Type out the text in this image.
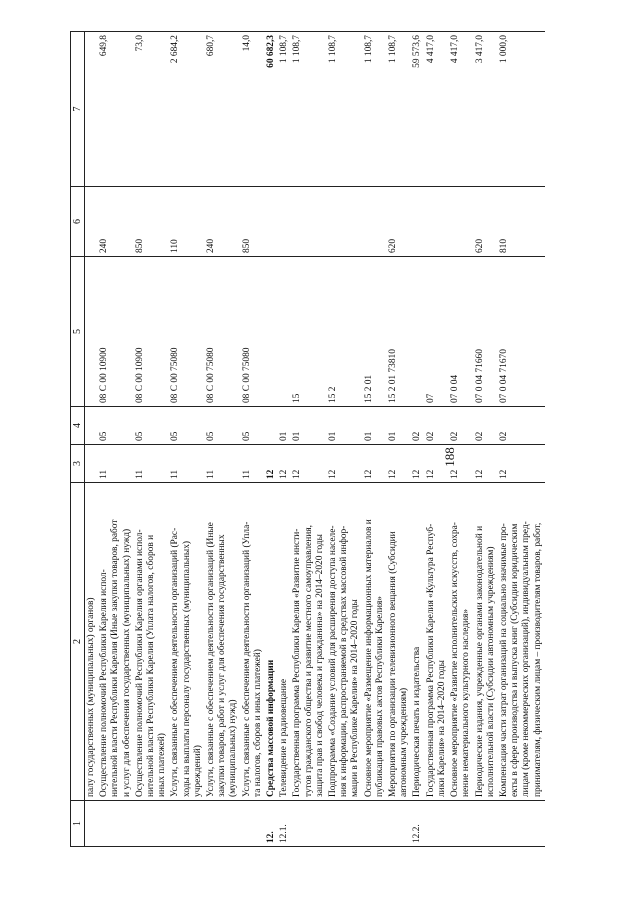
188
1	2	3	4	5	6	7

	палу государственных (муниципальных) органов)					

	Осуществление полномочий Республики Карелия испол- нительной власти Республики Карелия (Иные закупки товаров, работ и услуг для обеспечения государственных (муниципальных) нужд)	11	05	08 С 00 10900	240	649,8

	Осуществление полномочий Республики Карелия органами испол- нительной власти Республики Карелия (Уплата налогов, сборов и иных платежей)	11	05	08 С 00 10900	850	73,0

	Услуги, связанные с обеспечением деятельности организаций (Рас- ходы на выплаты персоналу государственных (муниципальных) учреждений)	11	05	08 С 00 75080	110	2 684,2

	Услуги, связанные с обеспечением деятельности организаций (Иные закупки товаров, работ и услуг для обеспечения государственных (муниципальных) нужд)	11	05	08 С 00 75080	240	680,7

	Услуги, связанные с обеспечением деятельности организаций (Упла- та налогов, сборов и иных платежей)	11	05	08 С 00 75080	850	14,0
12.	Средства массовой информации	12				60 682,3
12.1.	Телевидение и радиовещание	12	01			1 108,7

	Государственная программа Республики Карелия «Развитие инсти- тутов гражданского общества и развитие местного самоуправления, защита прав и свобод человека и гражданина» на 2014–2020 годы	12	01	15		1 108,7

	Подпрограмма «Создание условий для расширения доступа населе- ния к информации, распространяемой в средствах массовой инфор- мации в Республике Карелия» на 2014–2020 годы	12	01	15 2		1 108,7

	Основное мероприятие «Размещение информационных материалов и публикация правовых актов Республики Карелия»	12	01	15 2 01		1 108,7

	Мероприятия по организации телевизионного вещания (Субсидии автономным учреждениям)	12	01	15 2 01 73810	620	1 108,7
12.2.	Периодическая печать и издательства	12	02			59 573,6

	Государственная программа Республики Карелия «Культура Респуб- лики Карелия» на 2014–2020 годы	12	02	07		4 417,0

	Основное мероприятие «Развитие исполнительских искусств, сохра- нение нематериального культурного наследия»	12	02	07 0 04		4 417,0

	Периодические издания, учрежденные органами законодательной и исполнительной власти (Субсидии автономным учреждениям)	12	02	07 0 04 71660	620	3 417,0

	Компенсация части затрат организаций на социально значимые про- екты в сфере производства и выпуска книг (Субсидии юридическим лицам (кроме некоммерческих организаций), индивидуальным пред- принимателям, физическим лицам – производителям товаров, работ,	12	02	07 0 04 71670	810	1 000,0
